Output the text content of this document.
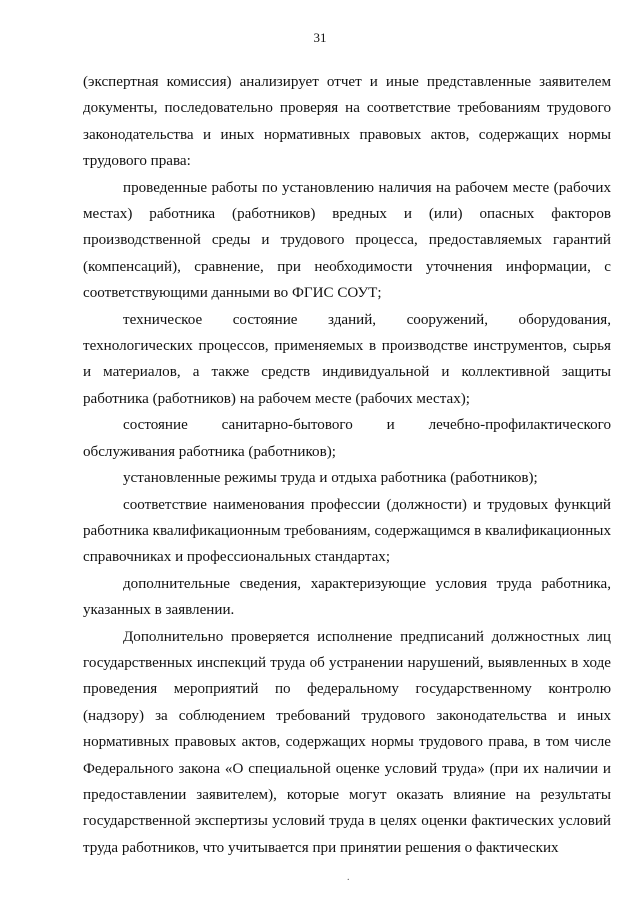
31

(экспертная комиссия) анализирует отчет и иные представленные заявителем документы, последовательно проверяя на соответствие требованиям трудового законодательства и иных нормативных правовых актов, содержащих нормы трудового права:

проведенные работы по установлению наличия на рабочем месте (рабочих местах) работника (работников) вредных и (или) опасных факторов производственной среды и трудового процесса, предоставляемых гарантий (компенсаций), сравнение, при необходимости уточнения информации, с соответствующими данными во ФГИС СОУТ;

техническое состояние зданий, сооружений, оборудования, технологических процессов, применяемых в производстве инструментов, сырья и материалов, а также средств индивидуальной и коллективной защиты работника (работников) на рабочем месте (рабочих местах);

состояние санитарно-бытового и лечебно-профилактического обслуживания работника (работников);

установленные режимы труда и отдыха работника (работников);

соответствие наименования профессии (должности) и трудовых функций работника квалификационным требованиям, содержащимся в квалификационных справочниках и профессиональных стандартах;

дополнительные сведения, характеризующие условия труда работника, указанных в заявлении.

Дополнительно проверяется исполнение предписаний должностных лиц государственных инспекций труда об устранении нарушений, выявленных в ходе проведения мероприятий по федеральному государственному контролю (надзору) за соблюдением требований трудового законодательства и иных нормативных правовых актов, содержащих нормы трудового права, в том числе Федерального закона «О специальной оценке условий труда» (при их наличии и предоставлении заявителем), которые могут оказать влияние на результаты государственной экспертизы условий труда в целях оценки фактических условий труда работников, что учитывается при принятии решения о фактических

.
